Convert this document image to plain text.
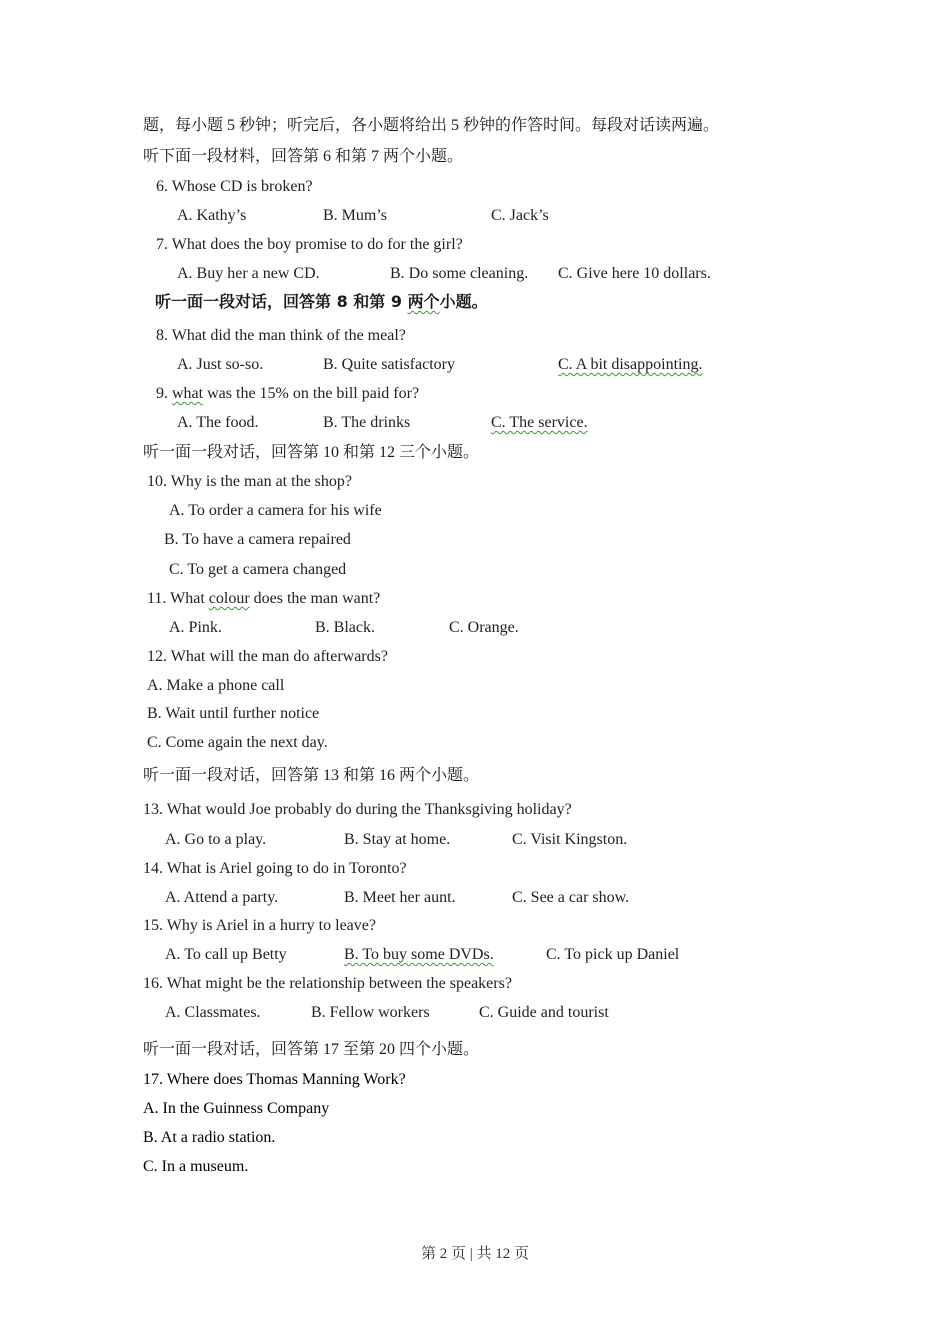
题，每小题 5 秒钟；听完后，各小题将给出 5 秒钟的作答时间。每段对话读两遍。
听下面一段材料，回答第 6 和第 7 两个小题。
6. Whose CD is broken?
A. Kathy’s	B. Mum’s	C. Jack’s
7. What does the boy promise to do for the girl?
A. Buy her a new CD.	B. Do some cleaning. C. Give here 10 dollars.
听一面一段对话，回答第 8 和第 9 两个小题。
8. What did the man think of the meal?
A. Just so-so.	B. Quite satisfactory	C. A bit disappointing.
9. what was the 15% on the bill paid for?
A. The food.	B. The drinks	C. The service.
听一面一段对话，回答第 10 和第 12 三个小题。
10. Why is the man at the shop?
A. To order a camera for his wife
B. To have a camera repaired
C. To get a camera changed
11. What colour does the man want?
A. Pink.	B. Black.	C. Orange.
12. What will the man do afterwards?
A. Make a phone call
B. Wait until further notice
C. Come again the next day.
听一面一段对话，回答第 13 和第 16 两个小题。
13. What would Joe probably do during the Thanksgiving holiday?
A. Go to a play.	B. Stay at home.	C. Visit Kingston.
14. What is Ariel going to do in Toronto?
A. Attend a party.	B. Meet her aunt.	C. See a car show.
15. Why is Ariel in a hurry to leave?
A. To call up Betty	B. To buy some DVDs.	C. To pick up Daniel
16. What might be the relationship between the speakers?
A. Classmates.	B. Fellow workers	C. Guide and tourist
听一面一段对话，回答第 17 至第 20 四个小题。
17. Where does Thomas Manning Work?
A. In the Guinness Company
B. At a radio station.
C. In a museum.
第 2 页 | 共 12 页
